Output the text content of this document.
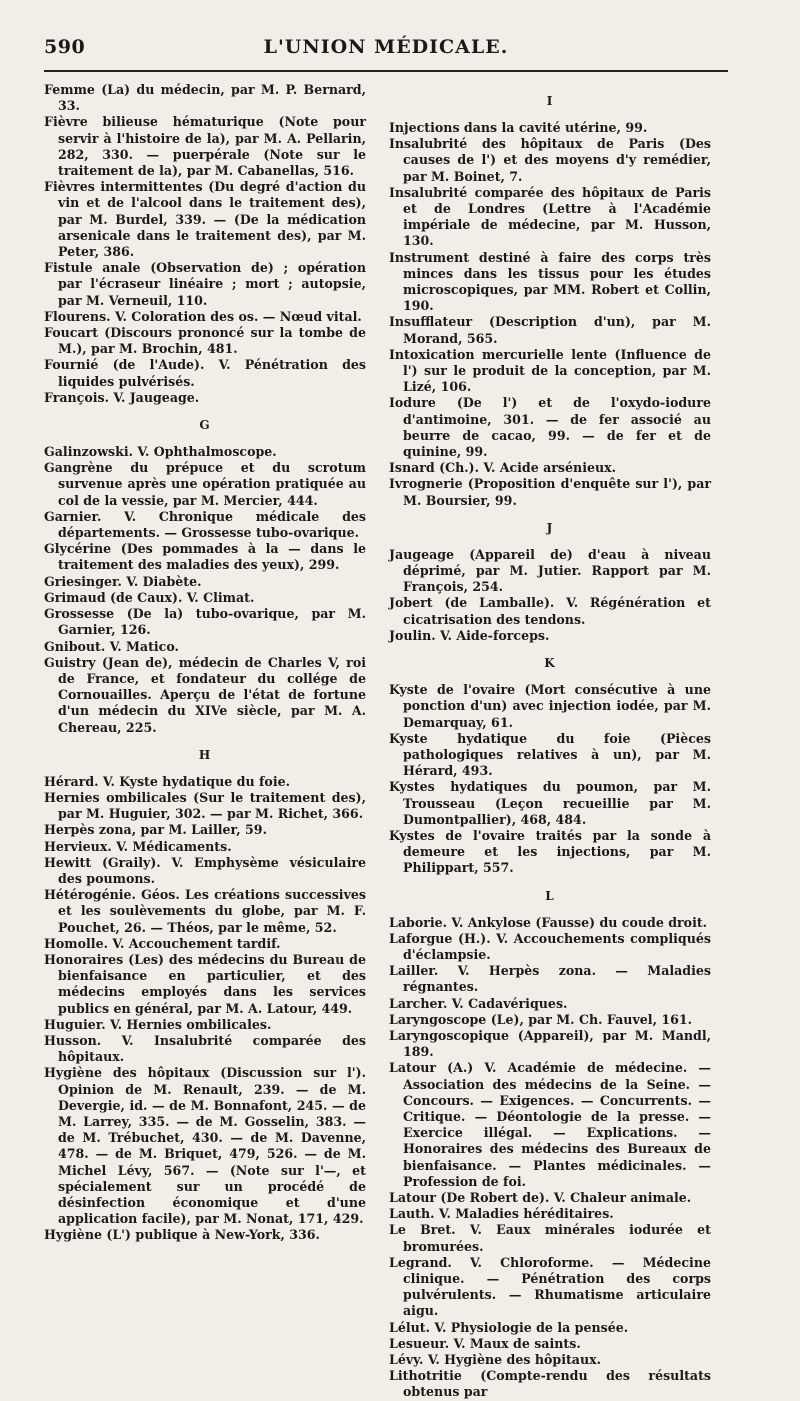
590	L'UNION MÉDICALE.

Femme (La) du médecin, par M. P. Bernard, 33.

Fièvre bilieuse hématurique (Note pour servir à l'histoire de la), par M. A. Pellarin, 282, 330. — puerpérale (Note sur le traitement de la), par M. Cabanellas, 516.

Fièvres intermittentes (Du degré d'action du vin et de l'alcool dans le traitement des), par M. Burdel, 339. — (De la médication arsenicale dans le traitement des), par M. Peter, 386.

Fistule anale (Observation de) ; opération par l'écraseur linéaire ; mort ; autopsie, par M. Verneuil, 110.

Flourens. V. Coloration des os. — Nœud vital.

Foucart (Discours prononcé sur la tombe de M.), par M. Brochin, 481.

Fournié (de l'Aude). V. Pénétration des liquides pulvérisés.

François. V. Jaugeage.

G

Galinzowski. V. Ophthalmoscope.

Gangrène du prépuce et du scrotum survenue après une opération pratiquée au col de la vessie, par M. Mercier, 444.

Garnier. V. Chronique médicale des départements. — Grossesse tubo-ovarique.

Glycérine (Des pommades à la — dans le traitement des maladies des yeux), 299.

Griesinger. V. Diabète.

Grimaud (de Caux). V. Climat.

Grossesse (De la) tubo-ovarique, par M. Garnier, 126.

Gnibout. V. Matico.

Guistry (Jean de), médecin de Charles V, roi de France, et fondateur du collége de Cornouailles. Aperçu de l'état de fortune d'un médecin du XIVe siècle, par M. A. Chereau, 225.

H

Hérard. V. Kyste hydatique du foie.

Hernies ombilicales (Sur le traitement des), par M. Huguier, 302. — par M. Richet, 366.

Herpès zona, par M. Lailler, 59.

Hervieux. V. Médicaments.

Hewitt (Graily). V. Emphysème vésiculaire des poumons.

Hétérogénie. Géos. Les créations successives et les soulèvements du globe, par M. F. Pouchet, 26. — Théos, par le même, 52.

Homolle. V. Accouchement tardif.

Honoraires (Les) des médecins du Bureau de bienfaisance en particulier, et des médecins employés dans les services publics en général, par M. A. Latour, 449.

Huguier. V. Hernies ombilicales.

Husson. V. Insalubrité comparée des hôpitaux.

Hygiène des hôpitaux (Discussion sur l'). Opinion de M. Renault, 239. — de M. Devergie, id. — de M. Bonnafont, 245. — de M. Larrey, 335. — de M. Gosselin, 383. — de M. Trébuchet, 430. — de M. Davenne, 478. — de M. Briquet, 479, 526. — de M. Michel Lévy, 567. — (Note sur l'—, et spécialement sur un procédé de désinfection économique et d'une application facile), par M. Nonat, 171, 429.

Hygiène (L') publique à New-York, 336.

I

Injections dans la cavité utérine, 99.

Insalubrité des hôpitaux de Paris (Des causes de l') et des moyens d'y remédier, par M. Boinet, 7.

Insalubrité comparée des hôpitaux de Paris et de Londres (Lettre à l'Académie impériale de médecine, par M. Husson, 130.

Instrument destiné à faire des corps très minces dans les tissus pour les études microscopiques, par MM. Robert et Collin, 190.

Insufflateur (Description d'un), par M. Morand, 565.

Intoxication mercurielle lente (Influence de l') sur le produit de la conception, par M. Lizé, 106.

Iodure (De l') et de l'oxydo-iodure d'antimoine, 301. — de fer associé au beurre de cacao, 99. — de fer et de quinine, 99.

Isnard (Ch.). V. Acide arsénieux.

Ivrognerie (Proposition d'enquête sur l'), par M. Boursier, 99.

J

Jaugeage (Appareil de) d'eau à niveau déprimé, par M. Jutier. Rapport par M. François, 254.

Jobert (de Lamballe). V. Régénération et cicatrisation des tendons.

Joulin. V. Aide-forceps.

K

Kyste de l'ovaire (Mort consécutive à une ponction d'un) avec injection iodée, par M. Demarquay, 61.

Kyste hydatique du foie (Pièces pathologiques relatives à un), par M. Hérard, 493.

Kystes hydatiques du poumon, par M. Trousseau (Leçon recueillie par M. Dumontpallier), 468, 484.

Kystes de l'ovaire traités par la sonde à demeure et les injections, par M. Philippart, 557.

L

Laborie. V. Ankylose (Fausse) du coude droit.

Laforgue (H.). V. Accouchements compliqués d'éclampsie.

Lailler. V. Herpès zona. — Maladies régnantes.

Larcher. V. Cadavériques.

Laryngoscope (Le), par M. Ch. Fauvel, 161.

Laryngoscopique (Appareil), par M. Mandl, 189.

Latour (A.) V. Académie de médecine. — Association des médecins de la Seine. — Concours. — Exigences. — Concurrents. — Critique. — Déontologie de la presse. — Exercice illégal. — Explications. — Honoraires des médecins des Bureaux de bienfaisance. — Plantes médicinales. — Profession de foi.

Latour (De Robert de). V. Chaleur animale.

Lauth. V. Maladies héréditaires.

Le Bret. V. Eaux minérales iodurée et bromurées.

Legrand. V. Chloroforme. — Médecine clinique. — Pénétration des corps pulvérulents. — Rhumatisme articulaire aigu.

Lélut. V. Physiologie de la pensée.

Lesueur. V. Maux de saints.

Lévy. V. Hygiène des hôpitaux.

Lithotritie (Compte-rendu des résultats obtenus par
